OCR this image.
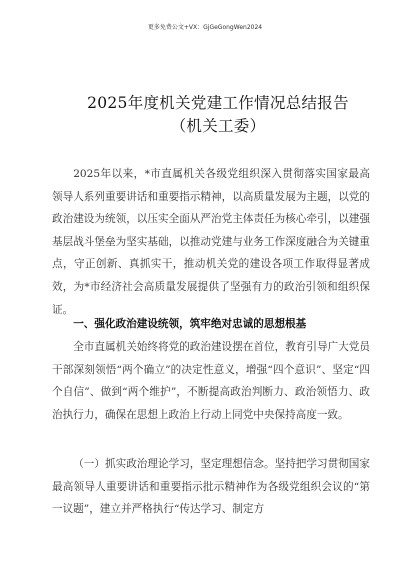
更多免费公文+VX：GjGeGongWen2024
2025年度机关党建工作情况总结报告
（机关工委）

2025年以来，*市直属机关各级党组织深入贯彻落实国家最高领导人系列重要讲话和重要指示精神，以高质量发展为主题，以党的政治建设为统领，以压实全面从严治党主体责任为核心牵引，以建强基层战斗堡垒为坚实基础，以推动党建与业务工作深度融合为关键重点，守正创新、真抓实干，推动机关党的建设各项工作取得显著成效，为*市经济社会高质量发展提供了坚强有力的政治引领和组织保证。

一、强化政治建设统领，筑牢绝对忠诚的思想根基

全市直属机关始终将党的政治建设摆在首位，教育引导广大党员干部深刻领悟“两个确立”的决定性意义，增强“四个意识”、坚定“四个自信”、做到“两个维护”，不断提高政治判断力、政治领悟力、政治执行力，确保在思想上政治上行动上同党中央保持高度一致。

（一）抓实政治理论学习，坚定理想信念。坚持把学习贯彻国家最高领导人重要讲话和重要指示批示精神作为各级党组织会议的“第一议题”，建立并严格执行“传达学习、制定方
